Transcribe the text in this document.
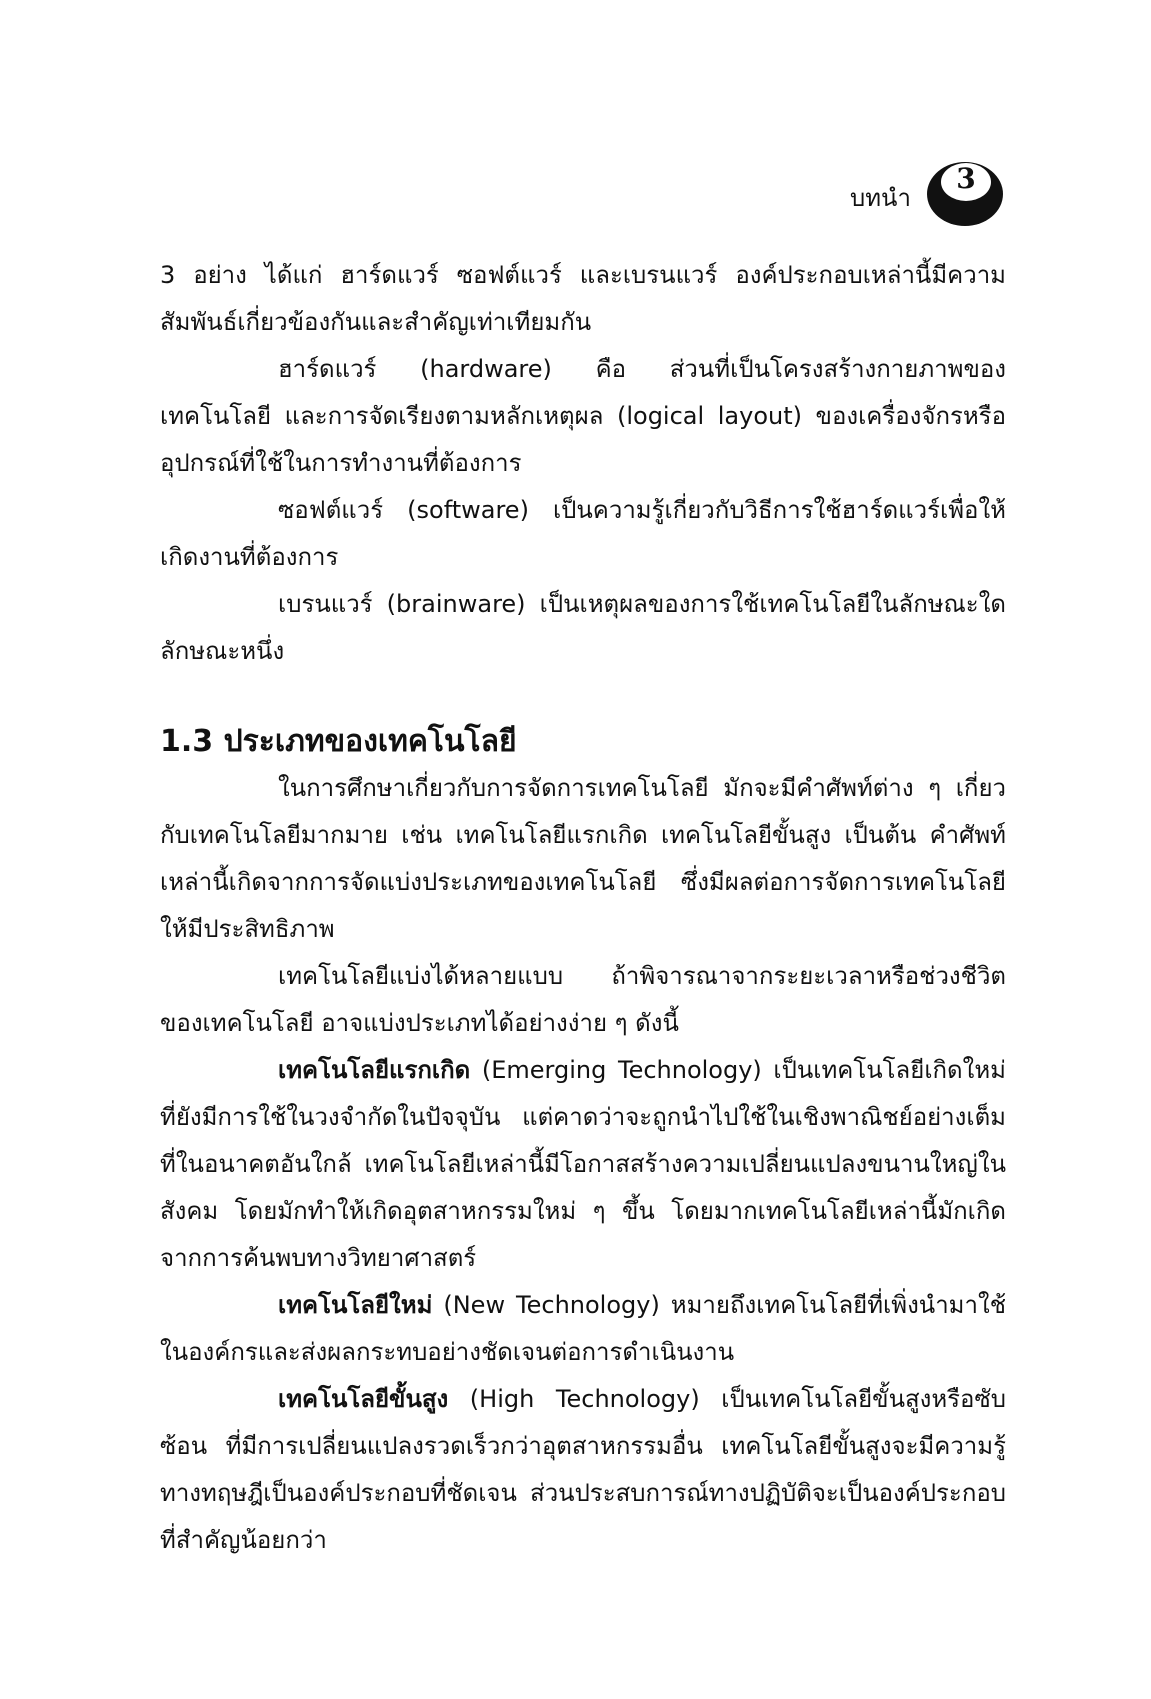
บทนำ
3

3 อย่าง ได้แก่ ฮาร์ดแวร์ ซอฟต์แวร์ และเบรนแวร์ องค์ประกอบเหล่านี้มีความสัมพันธ์เกี่ยวข้องกันและสำคัญเท่าเทียมกัน

ฮาร์ดแวร์ (hardware) คือ ส่วนที่เป็นโครงสร้างกายภาพของเทคโนโลยี และการจัดเรียงตามหลักเหตุผล (logical layout) ของเครื่องจักรหรืออุปกรณ์ที่ใช้ในการทำงานที่ต้องการ

ซอฟต์แวร์ (software) เป็นความรู้เกี่ยวกับวิธีการใช้ฮาร์ดแวร์เพื่อให้เกิดงานที่ต้องการ

เบรนแวร์ (brainware) เป็นเหตุผลของการใช้เทคโนโลยีในลักษณะใดลักษณะหนึ่ง

1.3 ประเภทของเทคโนโลยี

ในการศึกษาเกี่ยวกับการจัดการเทคโนโลยี มักจะมีคำศัพท์ต่าง ๆ เกี่ยวกับเทคโนโลยีมากมาย เช่น เทคโนโลยีแรกเกิด เทคโนโลยีขั้นสูง เป็นต้น คำศัพท์เหล่านี้เกิดจากการจัดแบ่งประเภทของเทคโนโลยี ซึ่งมีผลต่อการจัดการเทคโนโลยีให้มีประสิทธิภาพ

เทคโนโลยีแบ่งได้หลายแบบ ถ้าพิจารณาจากระยะเวลาหรือช่วงชีวิตของเทคโนโลยี อาจแบ่งประเภทได้อย่างง่าย ๆ ดังนี้

เทคโนโลยีแรกเกิด (Emerging Technology) เป็นเทคโนโลยีเกิดใหม่ที่ยังมีการใช้ในวงจำกัดในปัจจุบัน แต่คาดว่าจะถูกนำไปใช้ในเชิงพาณิชย์อย่างเต็มที่ในอนาคตอันใกล้ เทคโนโลยีเหล่านี้มีโอกาสสร้างความเปลี่ยนแปลงขนานใหญ่ในสังคม โดยมักทำให้เกิดอุตสาหกรรมใหม่ ๆ ขึ้น โดยมากเทคโนโลยีเหล่านี้มักเกิดจากการค้นพบทางวิทยาศาสตร์

เทคโนโลยีใหม่ (New Technology) หมายถึงเทคโนโลยีที่เพิ่งนำมาใช้ในองค์กรและส่งผลกระทบอย่างชัดเจนต่อการดำเนินงาน

เทคโนโลยีขั้นสูง (High Technology) เป็นเทคโนโลยีขั้นสูงหรือซับซ้อน ที่มีการเปลี่ยนแปลงรวดเร็วกว่าอุตสาหกรรมอื่น เทคโนโลยีขั้นสูงจะมีความรู้ทางทฤษฎีเป็นองค์ประกอบที่ชัดเจน ส่วนประสบการณ์ทางปฏิบัติจะเป็นองค์ประกอบที่สำคัญน้อยกว่า
